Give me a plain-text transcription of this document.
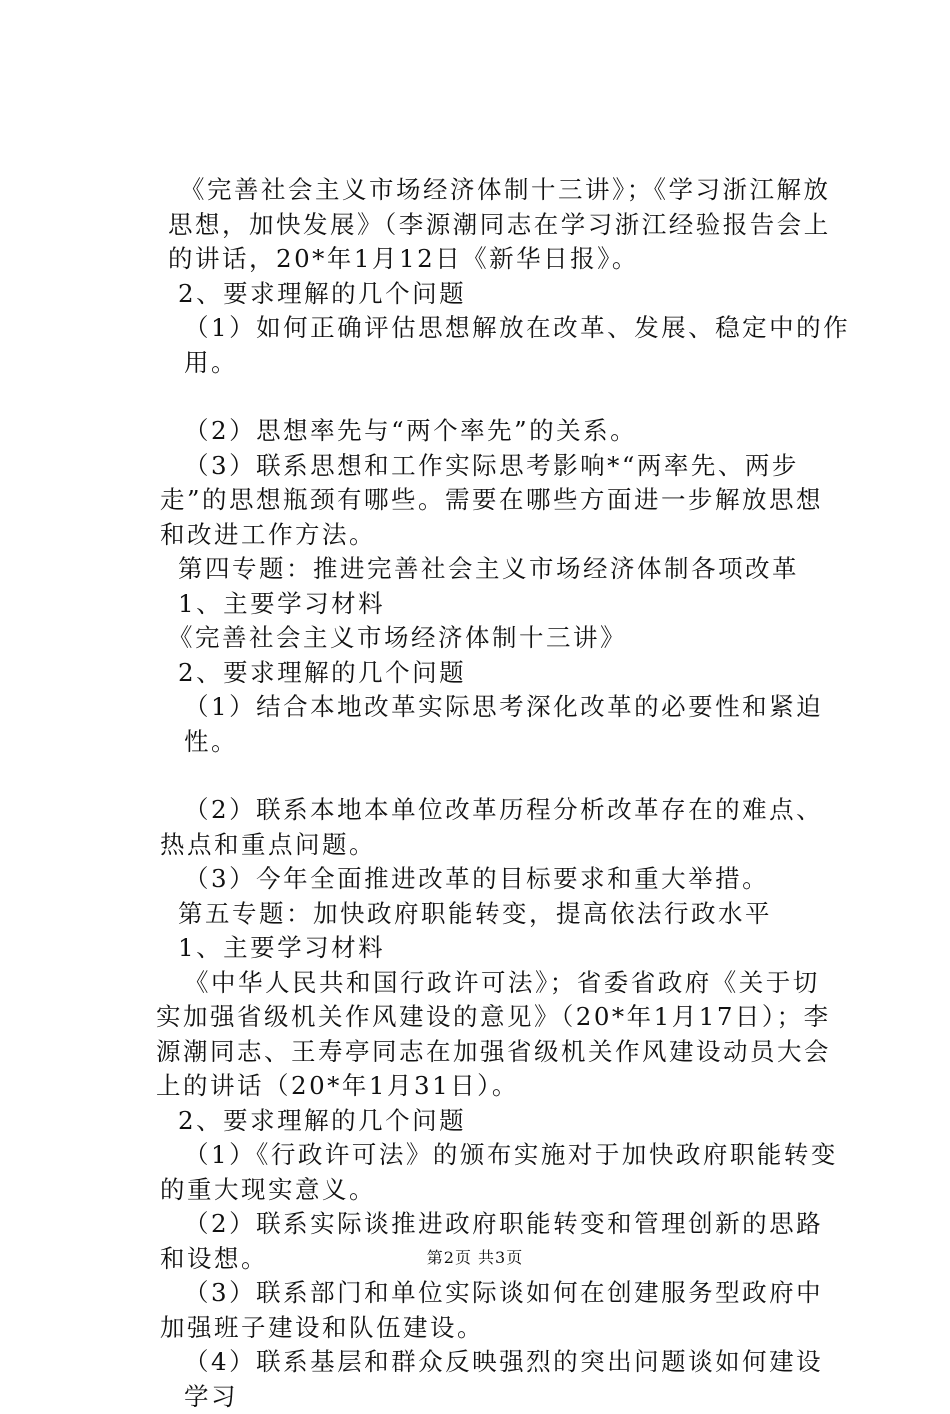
《完善社会主义市场经济体制十三讲》；《学习浙江解放思想，加快发展》（李源潮同志在学习浙江经验报告会上的讲话，20*年1月12日《新华日报》。

2、要求理解的几个问题

（1）如何正确评估思想解放在改革、发展、稳定中的作用。

（2）思想率先与“两个率先”的关系。

（3）联系思想和工作实际思考影响*“两率先、两步走”的思想瓶颈有哪些。需要在哪些方面进一步解放思想和改进工作方法。

第四专题：推进完善社会主义市场经济体制各项改革

1、主要学习材料

《完善社会主义市场经济体制十三讲》

2、要求理解的几个问题

（1）结合本地改革实际思考深化改革的必要性和紧迫性。

（2）联系本地本单位改革历程分析改革存在的难点、热点和重点问题。

（3）今年全面推进改革的目标要求和重大举措。

第五专题：加快政府职能转变，提高依法行政水平

1、主要学习材料

《中华人民共和国行政许可法》；省委省政府《关于切实加强省级机关作风建设的意见》（20*年1月17日）；李源潮同志、王寿亭同志在加强省级机关作风建设动员大会上的讲话（20*年1月31日）。

2、要求理解的几个问题

（1）《行政许可法》的颁布实施对于加快政府职能转变的重大现实意义。

（2）联系实际谈推进政府职能转变和管理创新的思路和设想。

（3）联系部门和单位实际谈如何在创建服务型政府中加强班子建设和队伍建设。

（4）联系基层和群众反映强烈的突出问题谈如何建设学习

第2页 共3页
